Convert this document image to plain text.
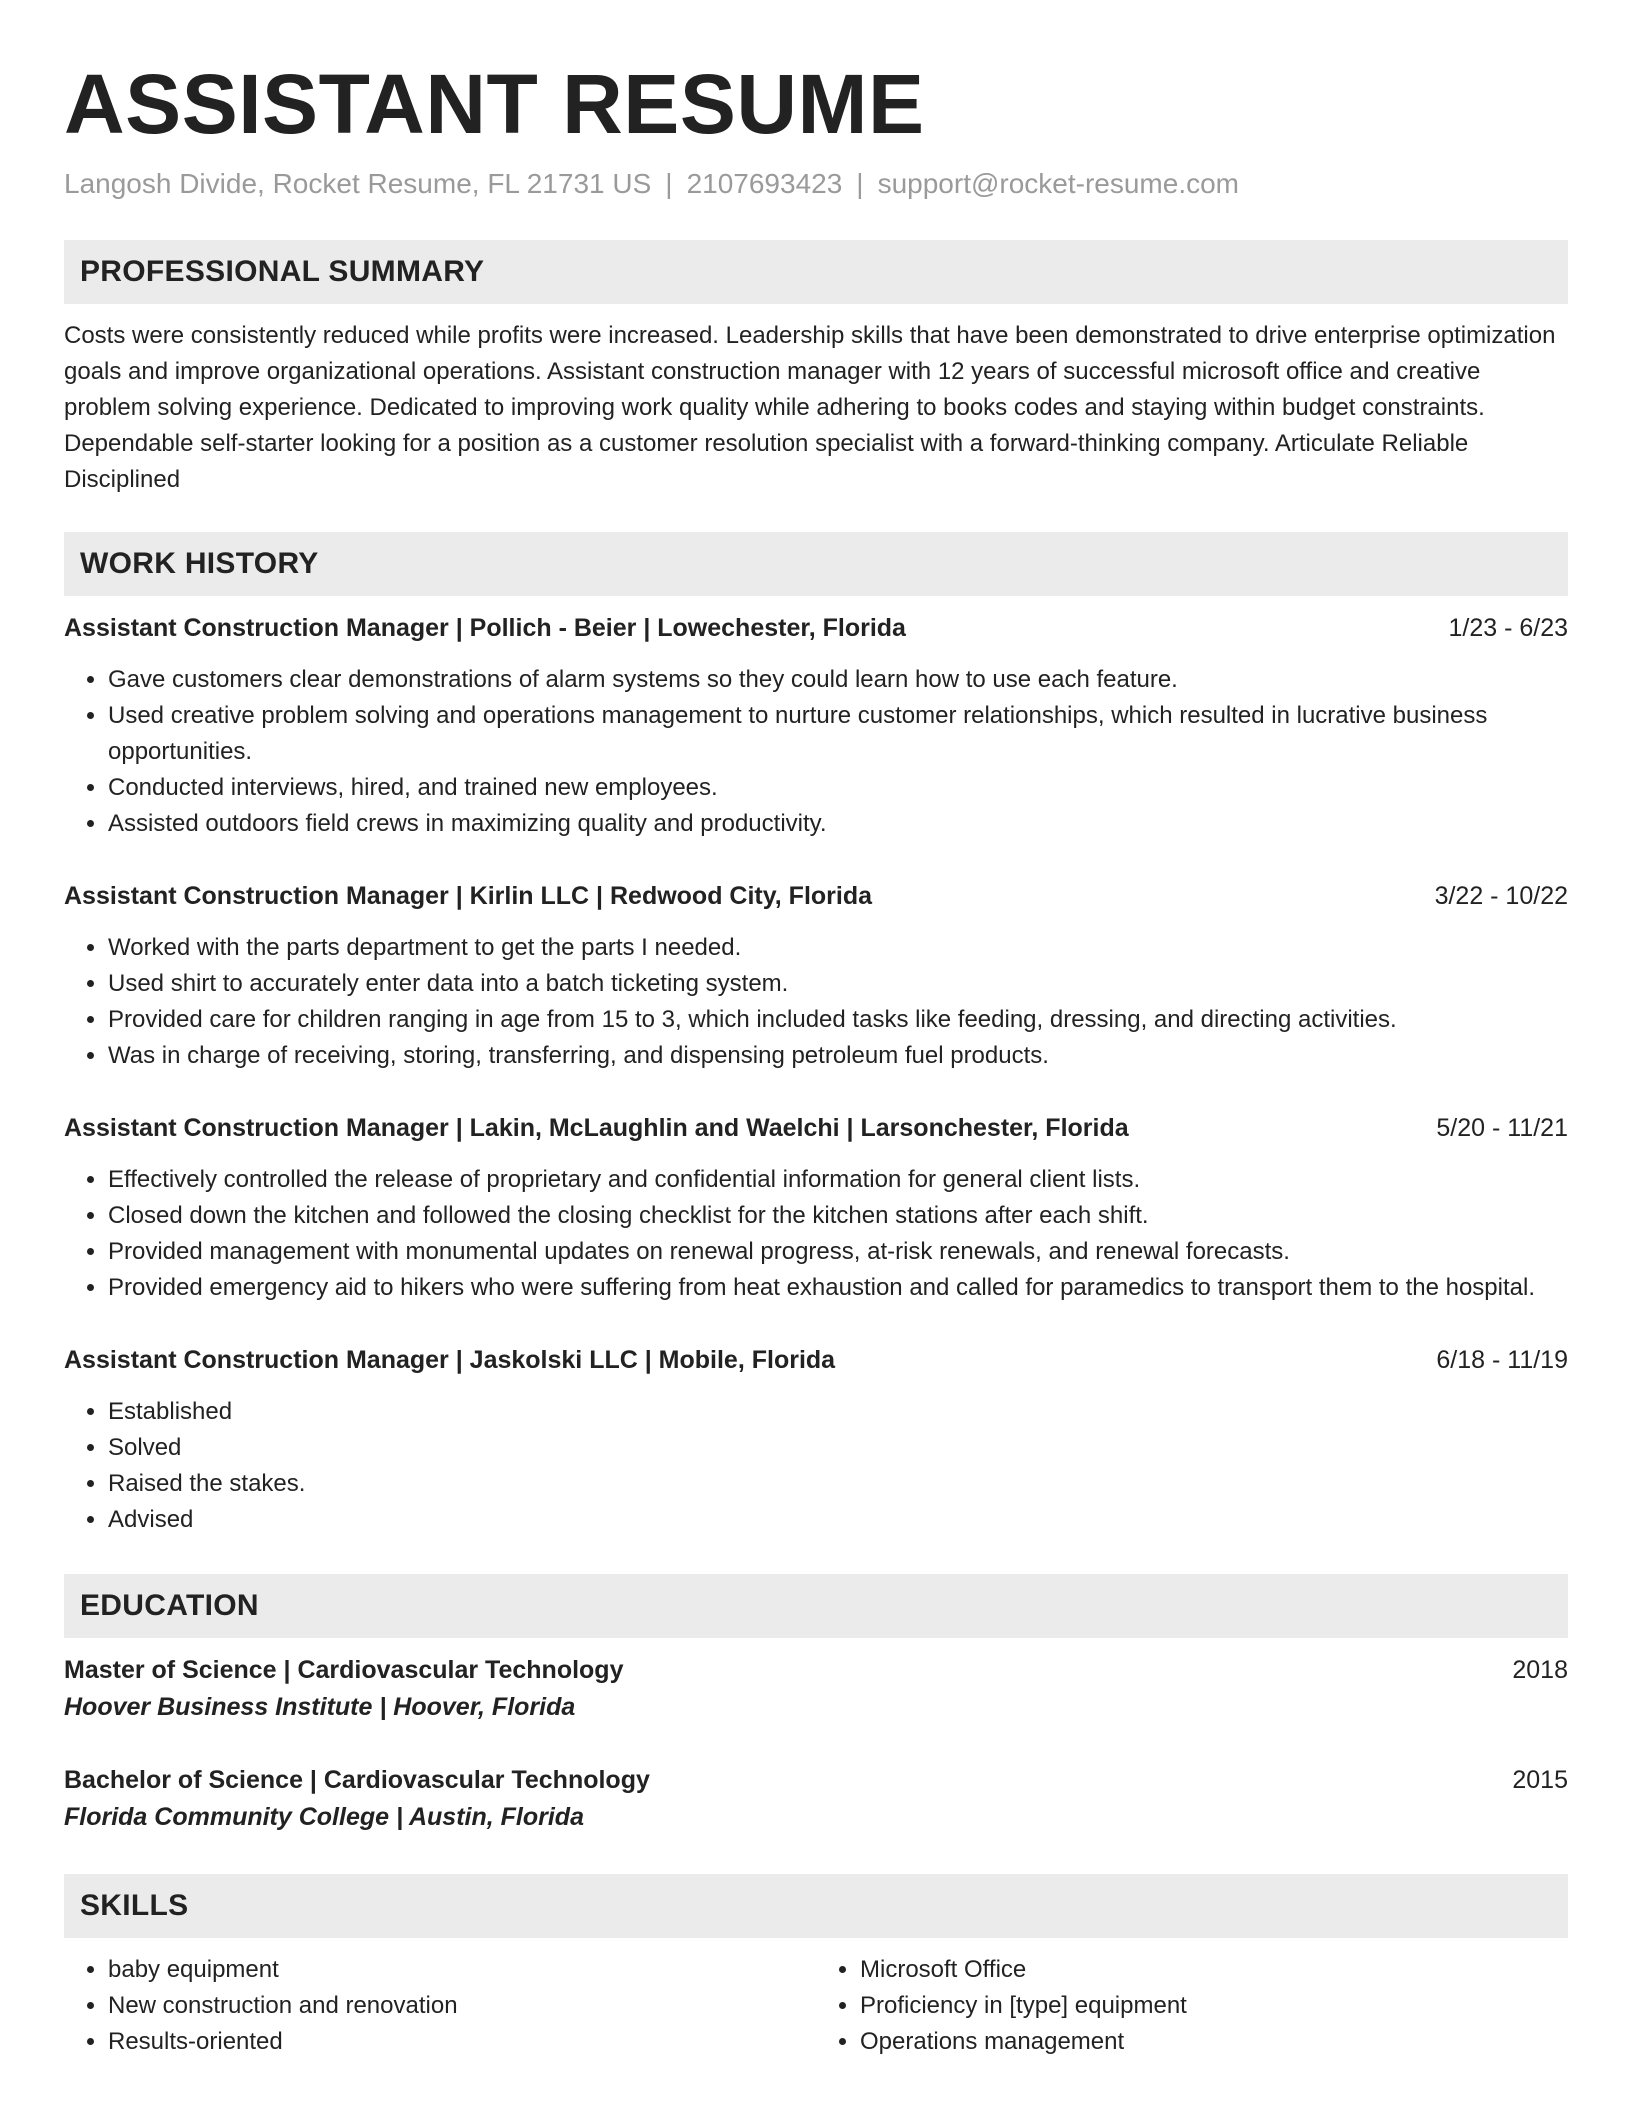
ASSISTANT RESUME
Langosh Divide, Rocket Resume, FL 21731 US | 2107693423 | support@rocket-resume.com
PROFESSIONAL SUMMARY

Costs were consistently reduced while profits were increased. Leadership skills that have been demonstrated to drive enterprise optimization goals and improve organizational operations. Assistant construction manager with 12 years of successful microsoft office and creative problem solving experience. Dedicated to improving work quality while adhering to books codes and staying within budget constraints. Dependable self-starter looking for a position as a customer resolution specialist with a forward-thinking company. Articulate Reliable Disciplined

WORK HISTORY
Assistant Construction Manager | Pollich - Beier | Lowechester, Florida	1/23 - 6/23
• Gave customers clear demonstrations of alarm systems so they could learn how to use each feature.
• Used creative problem solving and operations management to nurture customer relationships, which resulted in lucrative business opportunities.
• Conducted interviews, hired, and trained new employees.
• Assisted outdoors field crews in maximizing quality and productivity.
Assistant Construction Manager | Kirlin LLC | Redwood City, Florida	3/22 - 10/22
• Worked with the parts department to get the parts I needed.
• Used shirt to accurately enter data into a batch ticketing system.
• Provided care for children ranging in age from 15 to 3, which included tasks like feeding, dressing, and directing activities.
• Was in charge of receiving, storing, transferring, and dispensing petroleum fuel products.
Assistant Construction Manager | Lakin, McLaughlin and Waelchi | Larsonchester, Florida	5/20 - 11/21
• Effectively controlled the release of proprietary and confidential information for general client lists.
• Closed down the kitchen and followed the closing checklist for the kitchen stations after each shift.
• Provided management with monumental updates on renewal progress, at-risk renewals, and renewal forecasts.
• Provided emergency aid to hikers who were suffering from heat exhaustion and called for paramedics to transport them to the hospital.
Assistant Construction Manager | Jaskolski LLC | Mobile, Florida	6/18 - 11/19
• Established
• Solved
• Raised the stakes.
• Advised
EDUCATION
Master of Science | Cardiovascular Technology	2018
Hoover Business Institute | Hoover, Florida
Bachelor of Science | Cardiovascular Technology	2015
Florida Community College | Austin, Florida
SKILLS
• baby equipment
• New construction and renovation
• Results-oriented
• Microsoft Office
• Proficiency in [type] equipment
• Operations management
